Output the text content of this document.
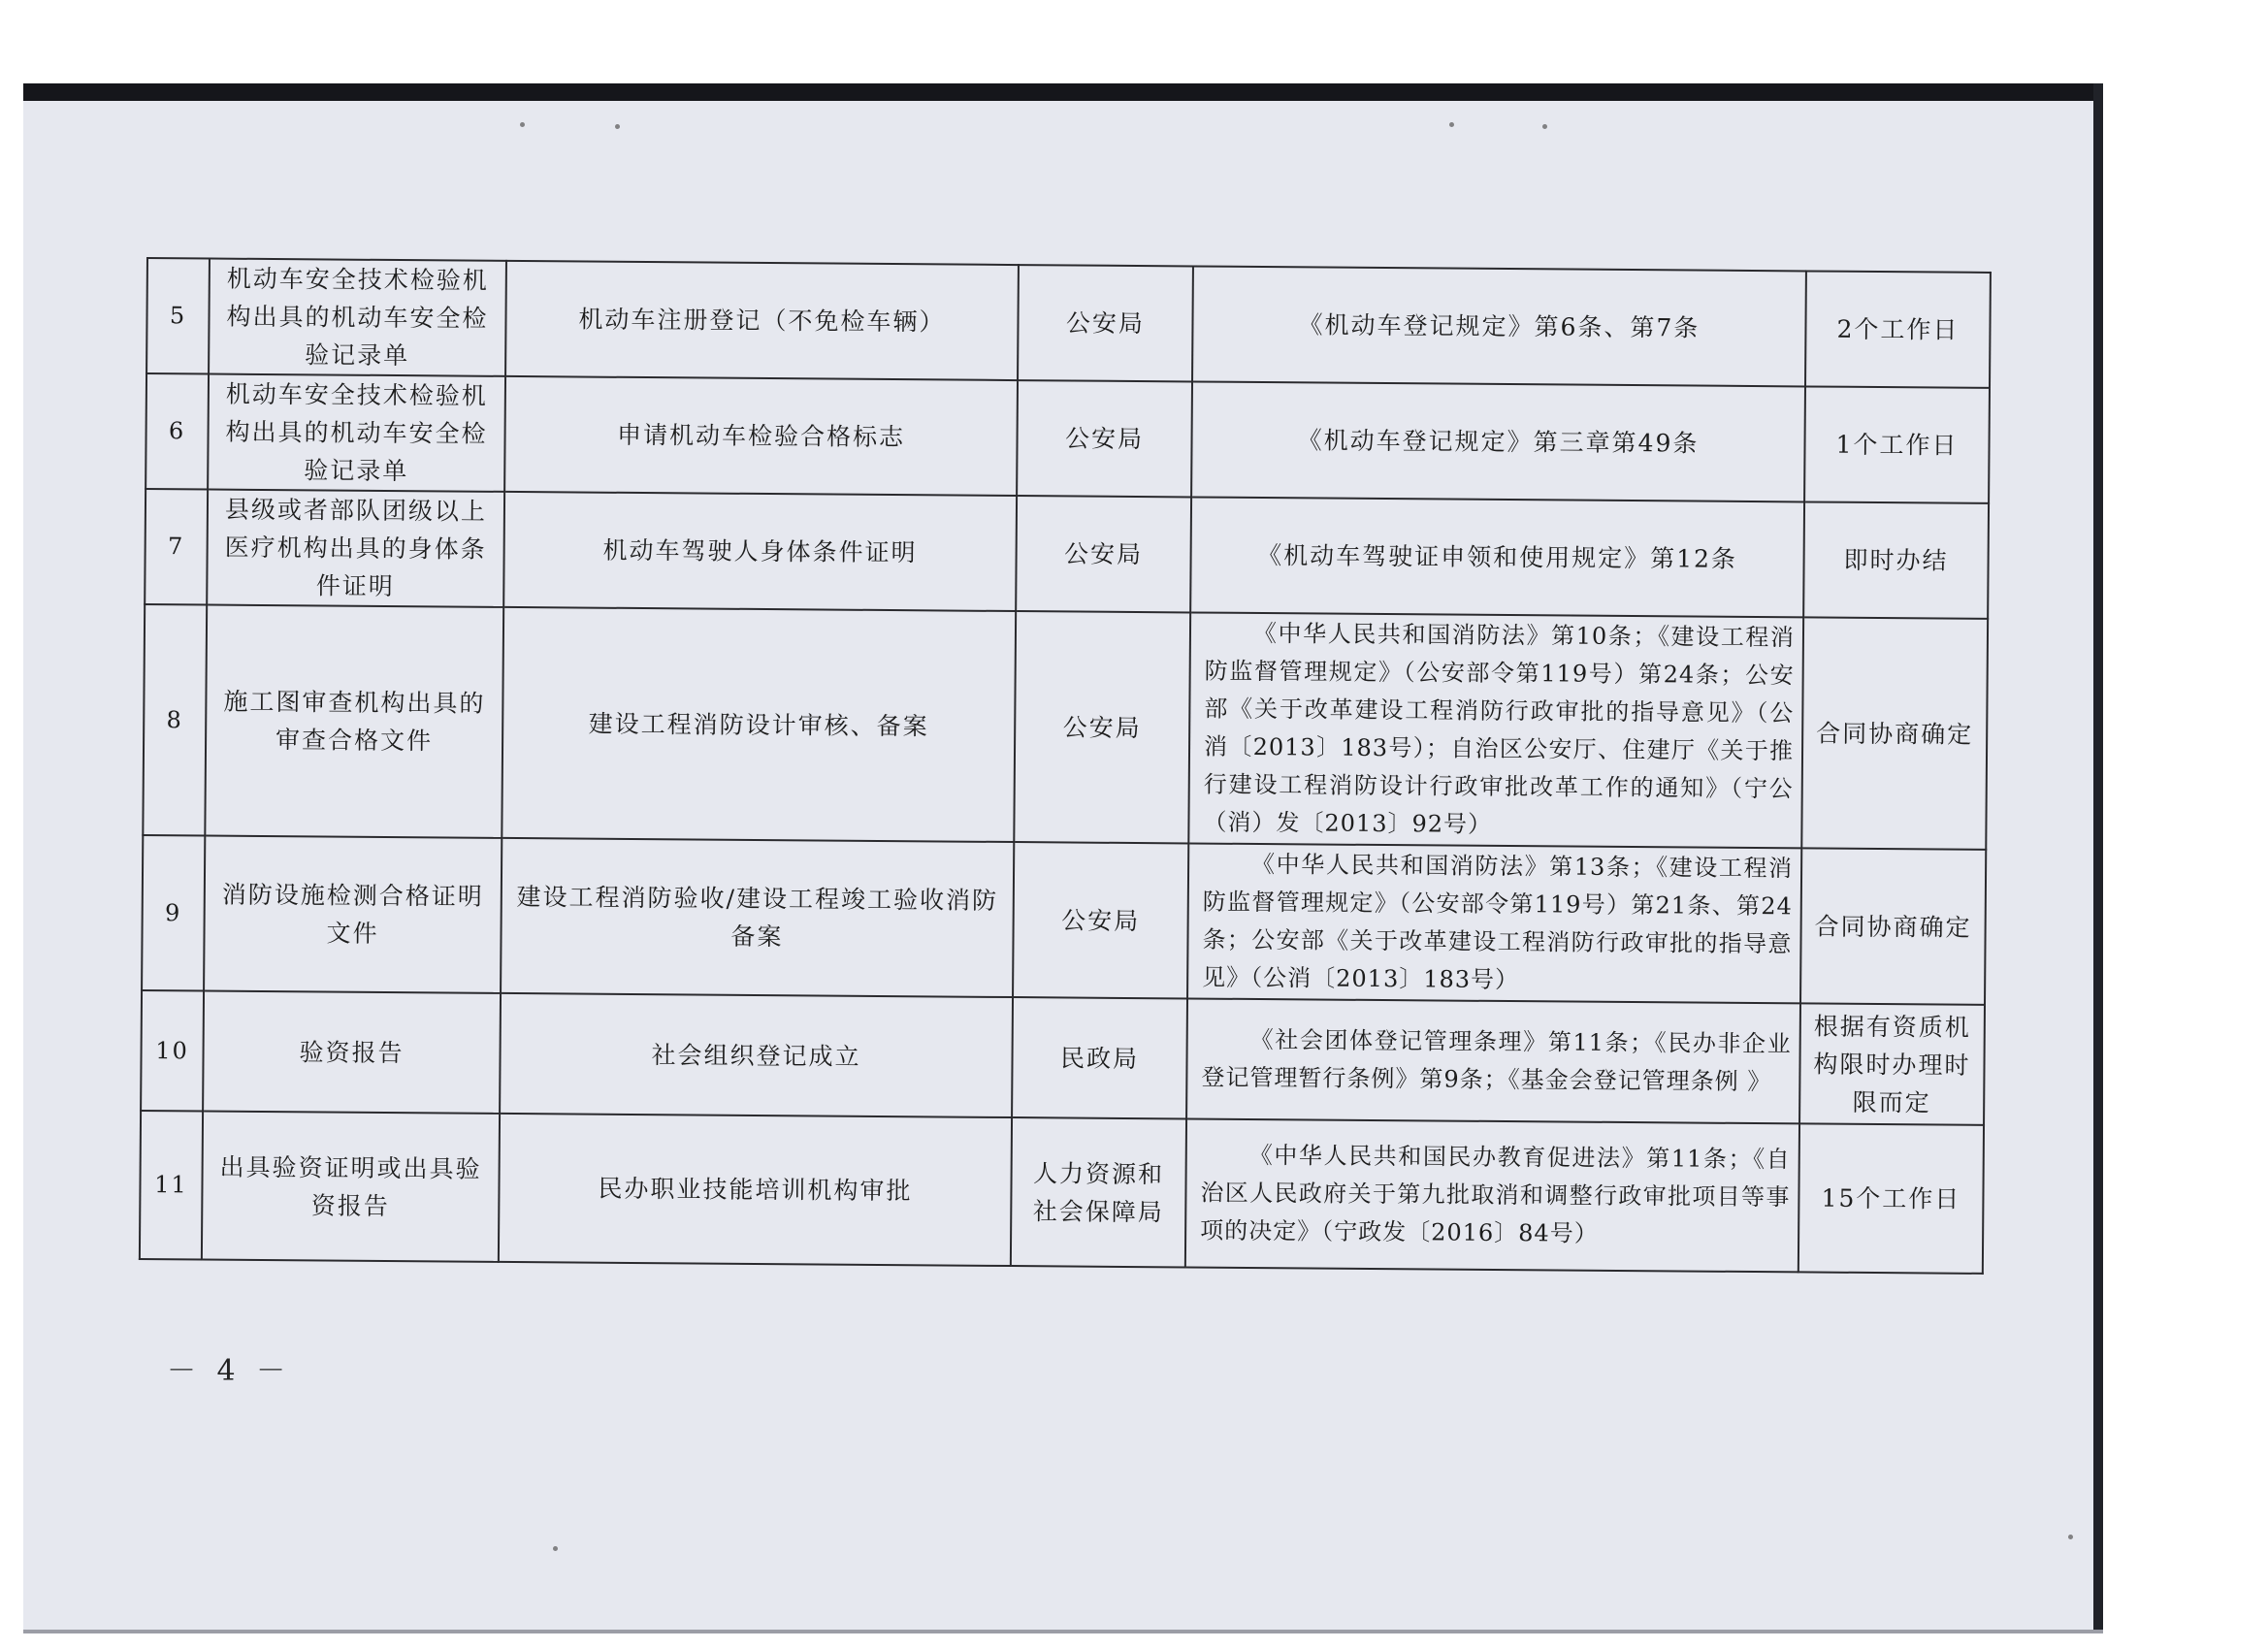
5	机动车安全技术检验机构出具的机动车安全检验记录单	机动车注册登记（不免检车辆）	公安局	《机动车登记规定》第6条、第7条	2个工作日
6	机动车安全技术检验机构出具的机动车安全检验记录单	申请机动车检验合格标志	公安局	《机动车登记规定》第三章第49条	1个工作日
7	县级或者部队团级以上医疗机构出具的身体条件证明	机动车驾驶人身体条件证明	公安局	《机动车驾驶证申领和使用规定》第12条	即时办结
8	施工图审查机构出具的审查合格文件	建设工程消防设计审核、备案	公安局	《中华人民共和国消防法》第10条；《建设工程消防监督管理规定》（公安部令第119号）第24条；公安部《关于改革建设工程消防行政审批的指导意见》（公消〔2013〕183号）；自治区公安厅、住建厅《关于推行建设工程消防设计行政审批改革工作的通知》（宁公（消）发〔2013〕92号）	合同协商确定
9	消防设施检测合格证明文件	建设工程消防验收/建设工程竣工验收消防备案	公安局	《中华人民共和国消防法》第13条；《建设工程消防监督管理规定》（公安部令第119号）第21条、第24条；公安部《关于改革建设工程消防行政审批的指导意见》（公消〔2013〕183号）	合同协商确定
10	验资报告	社会组织登记成立	民政局	《社会团体登记管理条理》第11条；《民办非企业登记管理暂行条例》第9条；《基金会登记管理条例 》	根据有资质机构限时办理时限而定
11	出具验资证明或出具验资报告	民办职业技能培训机构审批	人力资源和社会保障局	《中华人民共和国民办教育促进法》第11条；《自治区人民政府关于第九批取消和调整行政审批项目等事项的决定》（宁政发〔2016〕84号）	15个工作日
－ 4 －
